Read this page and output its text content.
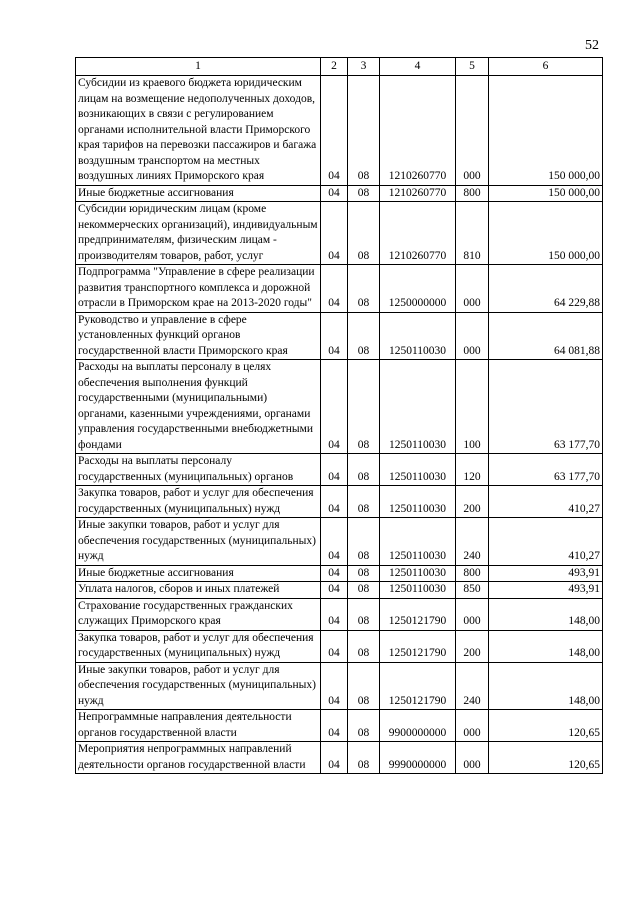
52
1	2	3	4	5	6
Субсидии из краевого бюджета юридическим лицам на возмещение недополученных доходов, возникающих в связи с регулированием органами исполнительной власти Приморского края тарифов на перевозки пассажиров и багажа воздушным транспортом на местных воздушных линиях Приморского края	04	08	1210260770	000	150 000,00
Иные бюджетные ассигнования	04	08	1210260770	800	150 000,00
Субсидии юридическим лицам (кроме некоммерческих организаций), индивидуальным предпринимателям, физическим лицам - производителям товаров, работ, услуг	04	08	1210260770	810	150 000,00
Подпрограмма "Управление в сфере реализации развития транспортного комплекса и дорожной отрасли в Приморском крае на 2013-2020 годы"	04	08	1250000000	000	64 229,88
Руководство и управление в сфере установленных функций органов государственной власти Приморского края	04	08	1250110030	000	64 081,88
Расходы на выплаты персоналу в целях обеспечения выполнения функций государственными (муниципальными) органами, казенными учреждениями, органами управления государственными внебюджетными фондами	04	08	1250110030	100	63 177,70
Расходы на выплаты персоналу государственных (муниципальных) органов	04	08	1250110030	120	63 177,70
Закупка товаров, работ и услуг для обеспечения государственных (муниципальных) нужд	04	08	1250110030	200	410,27
Иные закупки товаров, работ и услуг для обеспечения государственных (муниципальных) нужд	04	08	1250110030	240	410,27
Иные бюджетные ассигнования	04	08	1250110030	800	493,91
Уплата налогов, сборов и иных платежей	04	08	1250110030	850	493,91
Страхование государственных гражданских служащих Приморского края	04	08	1250121790	000	148,00
Закупка товаров, работ и услуг для обеспечения государственных (муниципальных) нужд	04	08	1250121790	200	148,00
Иные закупки товаров, работ и услуг для обеспечения государственных (муниципальных) нужд	04	08	1250121790	240	148,00
Непрограммные направления деятельности органов государственной власти	04	08	9900000000	000	120,65
Мероприятия непрограммных направлений деятельности органов государственной власти	04	08	9990000000	000	120,65
